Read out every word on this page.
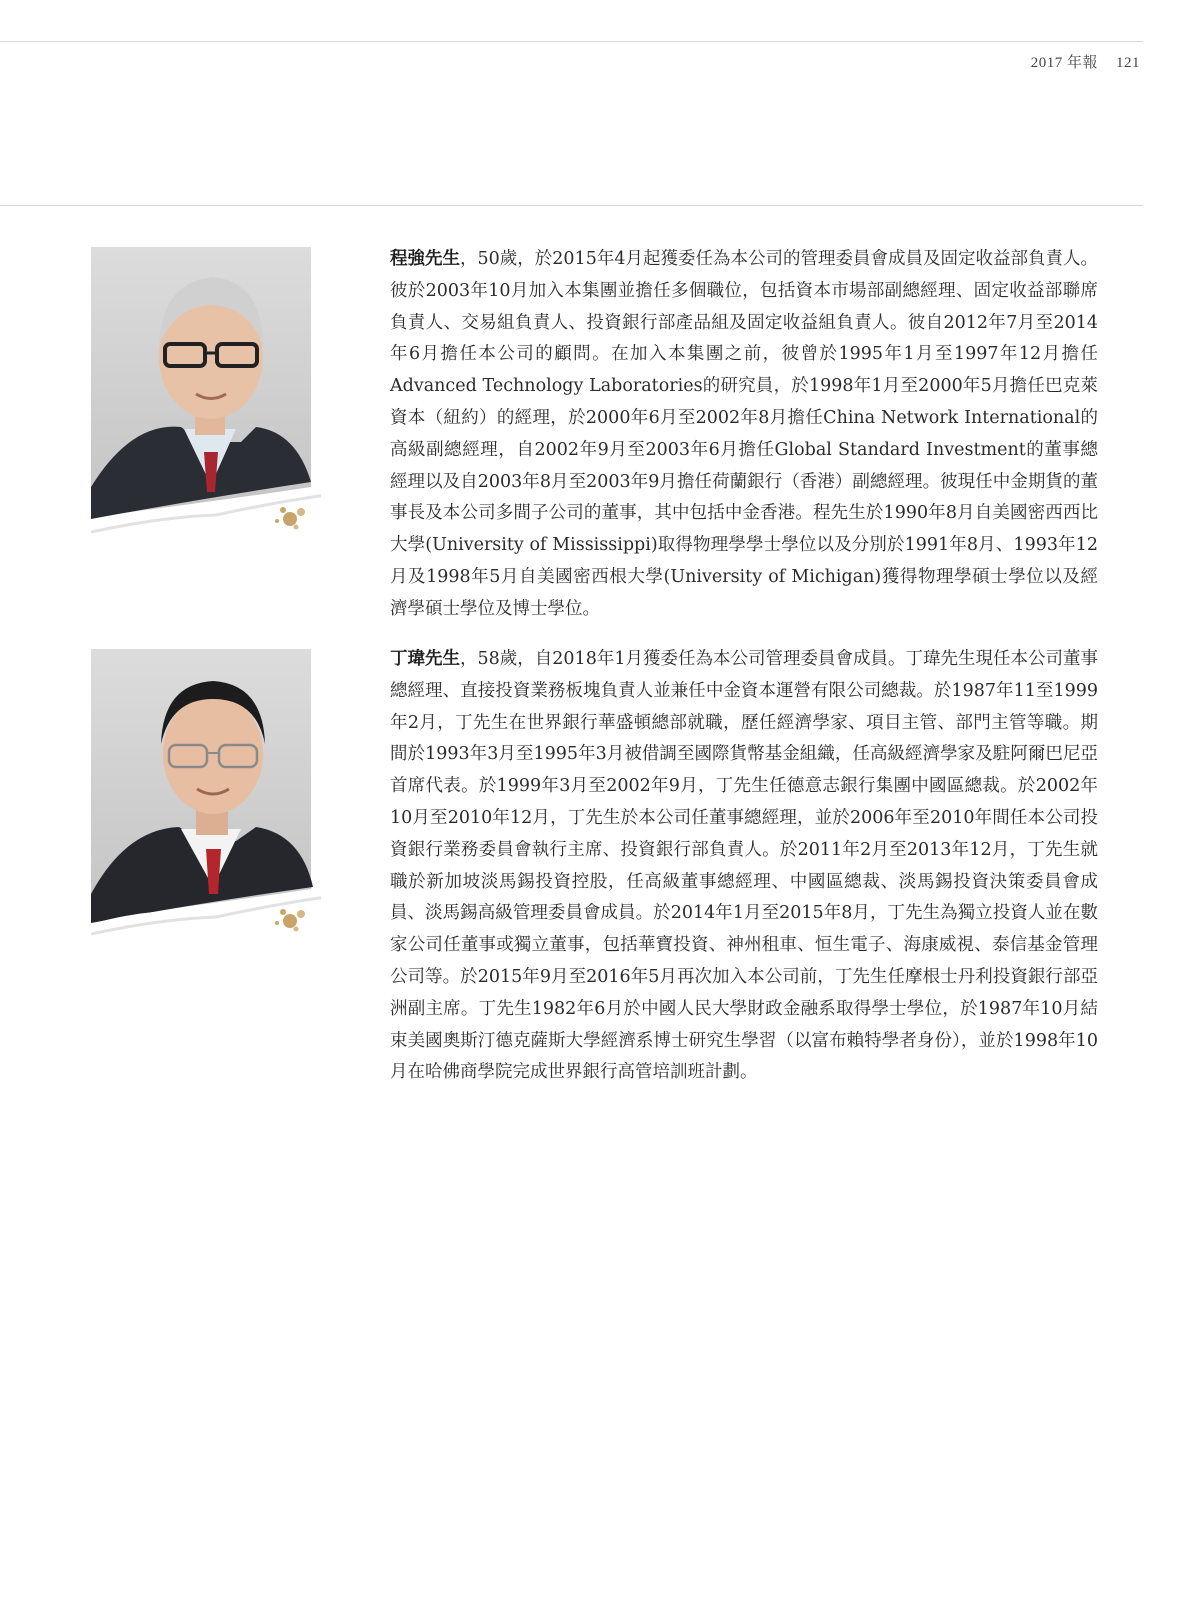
2017 年報 121
程強先生，50歲，於2015年4月起獲委任為本公司的管理委員會成員及固定收益部負責人。彼於2003年10月加入本集團並擔任多個職位，包括資本市場部副總經理、固定收益部聯席負責人、交易組負責人、投資銀行部產品組及固定收益組負責人。彼自2012年7月至2014年6月擔任本公司的顧問。在加入本集團之前，彼曾於1995年1月至1997年12月擔任Advanced Technology Laboratories的研究員，於1998年1月至2000年5月擔任巴克萊資本（紐約）的經理，於2000年6月至2002年8月擔任China Network International的高級副總經理，自2002年9月至2003年6月擔任Global Standard Investment的董事總經理以及自2003年8月至2003年9月擔任荷蘭銀行（香港）副總經理。彼現任中金期貨的董事長及本公司多間子公司的董事，其中包括中金香港。程先生於1990年8月自美國密西西比大學(University of Mississippi)取得物理學學士學位以及分別於1991年8月、1993年12月及1998年5月自美國密西根大學(University of Michigan)獲得物理學碩士學位以及經濟學碩士學位及博士學位。
丁瑋先生，58歲，自2018年1月獲委任為本公司管理委員會成員。丁瑋先生現任本公司董事總經理、直接投資業務板塊負責人並兼任中金資本運營有限公司總裁。於1987年11至1999年2月，丁先生在世界銀行華盛頓總部就職，歷任經濟學家、項目主管、部門主管等職。期間於1993年3月至1995年3月被借調至國際貨幣基金組織，任高級經濟學家及駐阿爾巴尼亞首席代表。於1999年3月至2002年9月，丁先生任德意志銀行集團中國區總裁。於2002年10月至2010年12月，丁先生於本公司任董事總經理，並於2006年至2010年間任本公司投資銀行業務委員會執行主席、投資銀行部負責人。於2011年2月至2013年12月，丁先生就職於新加坡淡馬錫投資控股，任高級董事總經理、中國區總裁、淡馬錫投資決策委員會成員、淡馬錫高級管理委員會成員。於2014年1月至2015年8月，丁先生為獨立投資人並在數家公司任董事或獨立董事，包括華寶投資、神州租車、恒生電子、海康威視、泰信基金管理公司等。於2015年9月至2016年5月再次加入本公司前，丁先生任摩根士丹利投資銀行部亞洲副主席。丁先生1982年6月於中國人民大學財政金融系取得學士學位，於1987年10月結束美國奧斯汀德克薩斯大學經濟系博士研究生學習（以富布賴特學者身份），並於1998年10月在哈佛商學院完成世界銀行高管培訓班計劃。
